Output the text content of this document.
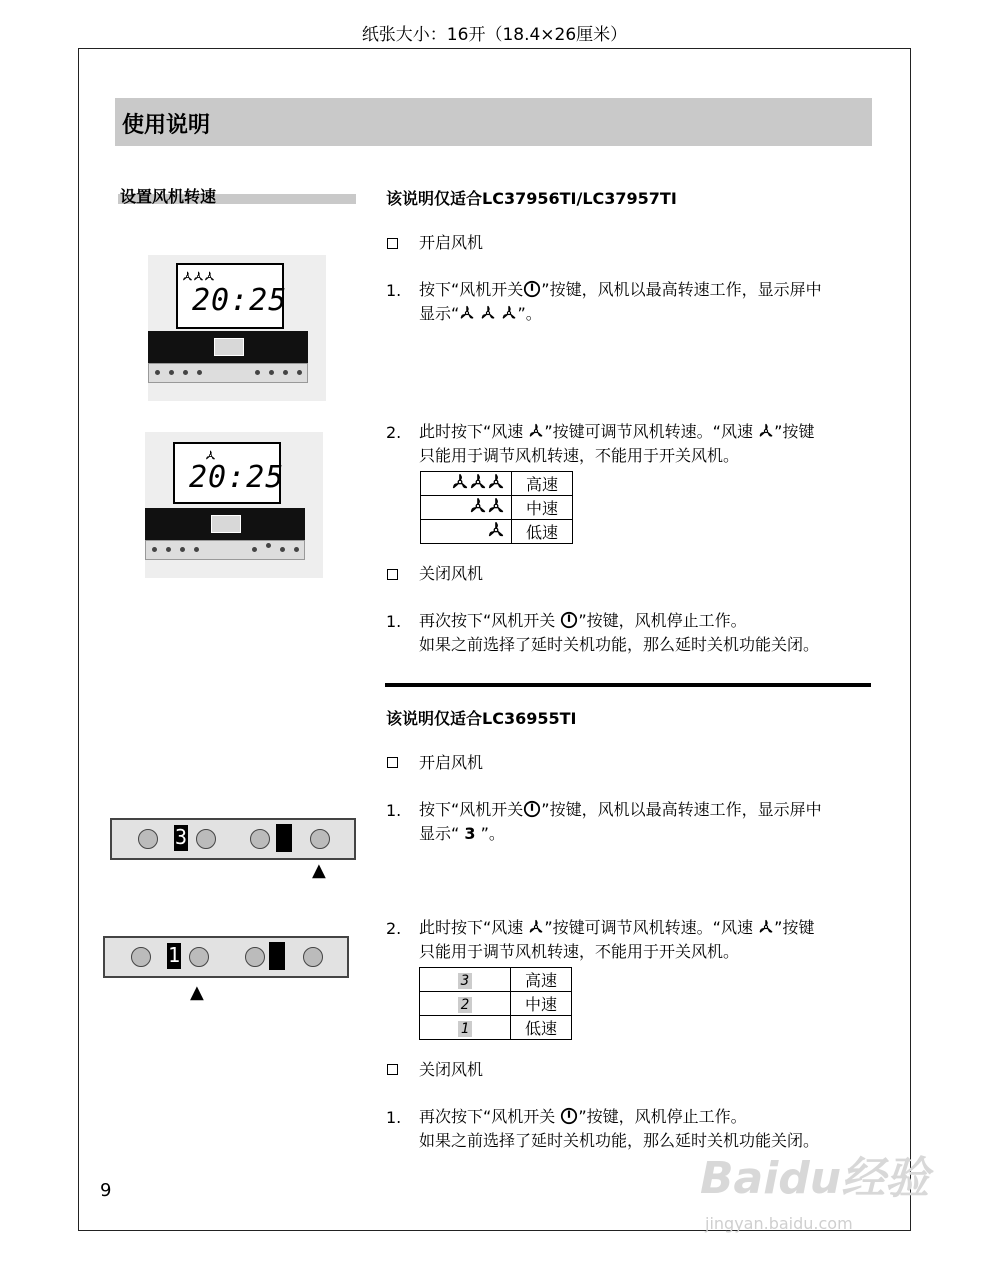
纸张大小：16开（18.4×26厘米）
使用说明
设置风机转速
20:25
20:25
该说明仅适合LC37956TI/LC37957TI
开启风机
1. 按下“风机开关 ”按键，风机以最高转速工作，显示屏中
显示“	”。
2. 此时按下“风速 ”按键可调节风机转速。“风速 ”按键
只能用于调节风机转速，不能用于开关风机。
	高速
	中速
	低速
关闭风机
1. 再次按下“风机开关 ”按键，风机停止工作。
如果之前选择了延时关机功能，那么延时关机功能关闭。
该说明仅适合LC36955TI
开启风机
1. 按下“风机开关 ”按键，风机以最高转速工作，显示屏中
显示“ 3 ”。
3
▲
2. 此时按下“风速 ”按键可调节风机转速。“风速 ”按键
只能用于调节风机转速，不能用于开关风机。
1
▲
3	高速
2	中速
1	低速
关闭风机
1. 再次按下“风机开关 ”按键，风机停止工作。
如果之前选择了延时关机功能，那么延时关机功能关闭。
9	Baidu经验
jingyan.baidu.com
